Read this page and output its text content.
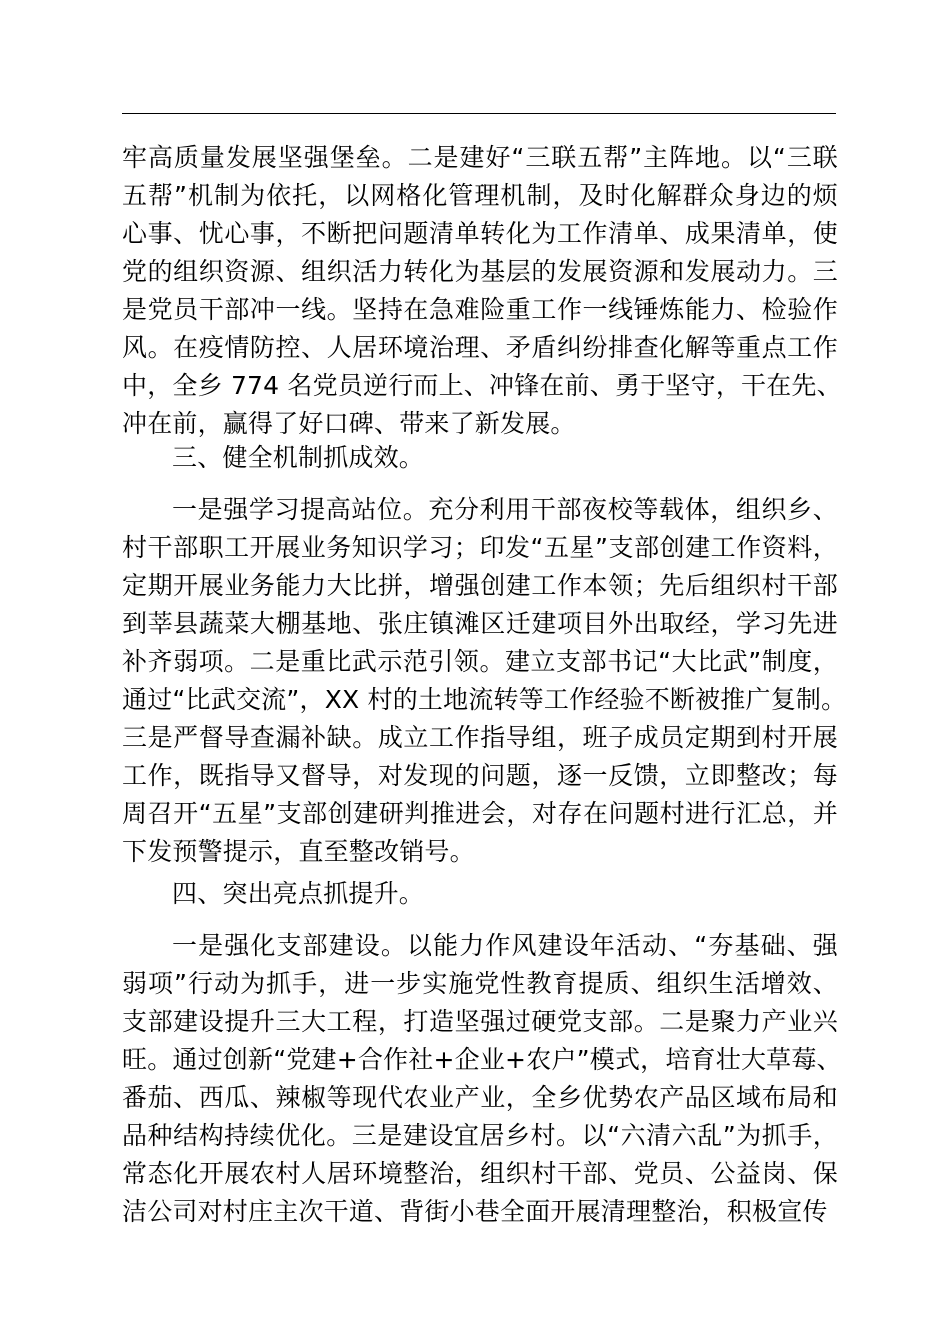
牢高质量发展坚强堡垒。二是建好“三联五帮”主阵地。以“三联
五帮”机制为依托，以网格化管理机制，及时化解群众身边的烦
心事、忧心事，不断把问题清单转化为工作清单、成果清单，使
党的组织资源、组织活力转化为基层的发展资源和发展动力。三
是党员干部冲一线。坚持在急难险重工作一线锤炼能力、检验作
风。在疫情防控、人居环境治理、矛盾纠纷排查化解等重点工作
中，全乡 774 名党员逆行而上、冲锋在前、勇于坚守，干在先、
冲在前，赢得了好口碑、带来了新发展。
三、健全机制抓成效。
一是强学习提高站位。充分利用干部夜校等载体，组织乡、
村干部职工开展业务知识学习；印发“五星”支部创建工作资料，
定期开展业务能力大比拼，增强创建工作本领；先后组织村干部
到莘县蔬菜大棚基地、张庄镇滩区迁建项目外出取经，学习先进
补齐弱项。二是重比武示范引领。建立支部书记“大比武”制度，
通过“比武交流”，XX 村的土地流转等工作经验不断被推广复制。
三是严督导查漏补缺。成立工作指导组，班子成员定期到村开展
工作，既指导又督导，对发现的问题，逐一反馈，立即整改；每
周召开“五星”支部创建研判推进会，对存在问题村进行汇总，并
下发预警提示，直至整改销号。
四、突出亮点抓提升。
一是强化支部建设。以能力作风建设年活动、“夯基础、强
弱项”行动为抓手，进一步实施党性教育提质、组织生活增效、
支部建设提升三大工程，打造坚强过硬党支部。二是聚力产业兴
旺。通过创新“党建+合作社+企业+农户”模式，培育壮大草莓、
番茄、西瓜、辣椒等现代农业产业，全乡优势农产品区域布局和
品种结构持续优化。三是建设宜居乡村。以“六清六乱”为抓手，
常态化开展农村人居环境整治，组织村干部、党员、公益岗、保
洁公司对村庄主次干道、背街小巷全面开展清理整治，积极宣传
